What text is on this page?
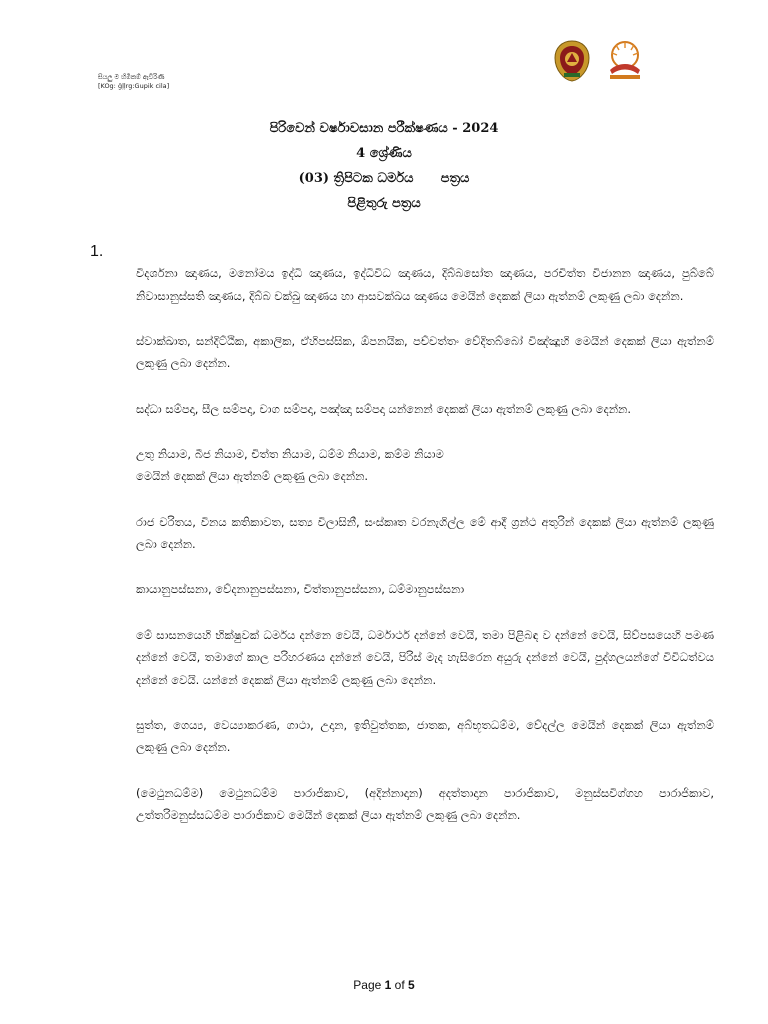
සියලු ම හිමිකම් ඇවිරිණි
[KOg: ğļļrg:Gupik cila]
පිරිවෙන් වර්ෂාවසාන පරීක්ෂණය - 2024
4 ශ්‍රේණිය
(03) ත්‍රිපිටක ධර්මය      පත්‍රය
පිළිතුරු පත්‍රය
1.

විදර්ශනා ඤාණය, මනෝමය ඉද්ධි ඤාණය, ඉද්ධිවිධ ඤාණය, දිබ්බසෝත ඤාණය, පරචිත්ත විජානන ඤාණය, පුබ්බේ නිවාසානුස්සති ඤාණය, දිබ්බ චක්ඛු ඤාණය හා ආසවක්ඛය ඤාණය මෙයින් දෙකක් ලියා ඇත්නම් ලකුණු ලබා දෙන්න.

ස්වාක්ඛාත, සන්දිට්ඨික, අකාලික, ඒහිපස්සික, ඕපනයික, පච්චත්තං වේදිතබ්බෝ විඤ්ඤූහි මෙයින් දෙකක් ලියා ඇත්නම් ලකුණු ලබා දෙන්න.

සද්ධා සම්පදා, සීල සම්පදා, චාග සම්පදා, පඤ්ඤා සම්පදා යන්නෙන් දෙකක් ලියා ඇත්නම් ලකුණු ලබා දෙන්න.

උතු නියාම, බීජ නියාම, චිත්ත නියාම, ධම්ම නියාම, කම්ම නියාම
මෙයින් දෙකක් ලියා ඇත්නම් ලකුණු ලබා දෙන්න.

රාජ චරිතය, විනය කතිකාවත, සත්‍ය විලාසිනී, සංස්කෘත වරනැගිල්ල මේ ආදී ග්‍රන්ථ අතුරින් දෙකක් ලියා ඇත්නම් ලකුණු ලබා දෙන්න.

කායානුපස්සනා, වේදනානුපස්සනා, චිත්තානුපස්සනා, ධම්මානුපස්සනා

මේ සාසනයෙහි භික්ෂුවක් ධර්මය දන්නෙ වෙයි, ධර්මාර්ථ දන්නේ වෙයි, තමා පිළිබඳ ව දන්නේ වෙයි, සිව්පසයෙහි පමණ දන්නේ වෙයි, තමාගේ කාල පරිහරණය දන්නේ වෙයි, පිරිස් මැද හැසිරෙන අයුරු දන්නේ වෙයි, පුද්ගලයන්ගේ විවිධත්වය දන්නේ වෙයි. යන්නේ දෙකක් ලියා ඇත්නම් ලකුණු ලබා දෙන්න.

සුත්ත, ගෙය්‍ය, වෙය්‍යාකරණ, ගාථා, උදාන, ඉතිවුත්තක, ජාතක, අබ්භූතධම්ම, වේදල්ල මෙයින් දෙකක් ලියා ඇත්නම් ලකුණු ලබා දෙන්න.

(මෙථුනධම්ම) මෙථුනධම්ම පාරාජිකාව, (අදින්නාදාන) අදත්තාදාන පාරාජිකාව, මනුස්සවිග්ගහ පාරාජිකාව, උත්තරිමනුස්සධම්ම පාරාජිකාව මෙයින් දෙකක් ලියා ඇත්නම් ලකුණු ලබා දෙන්න.

Page 1 of 5
